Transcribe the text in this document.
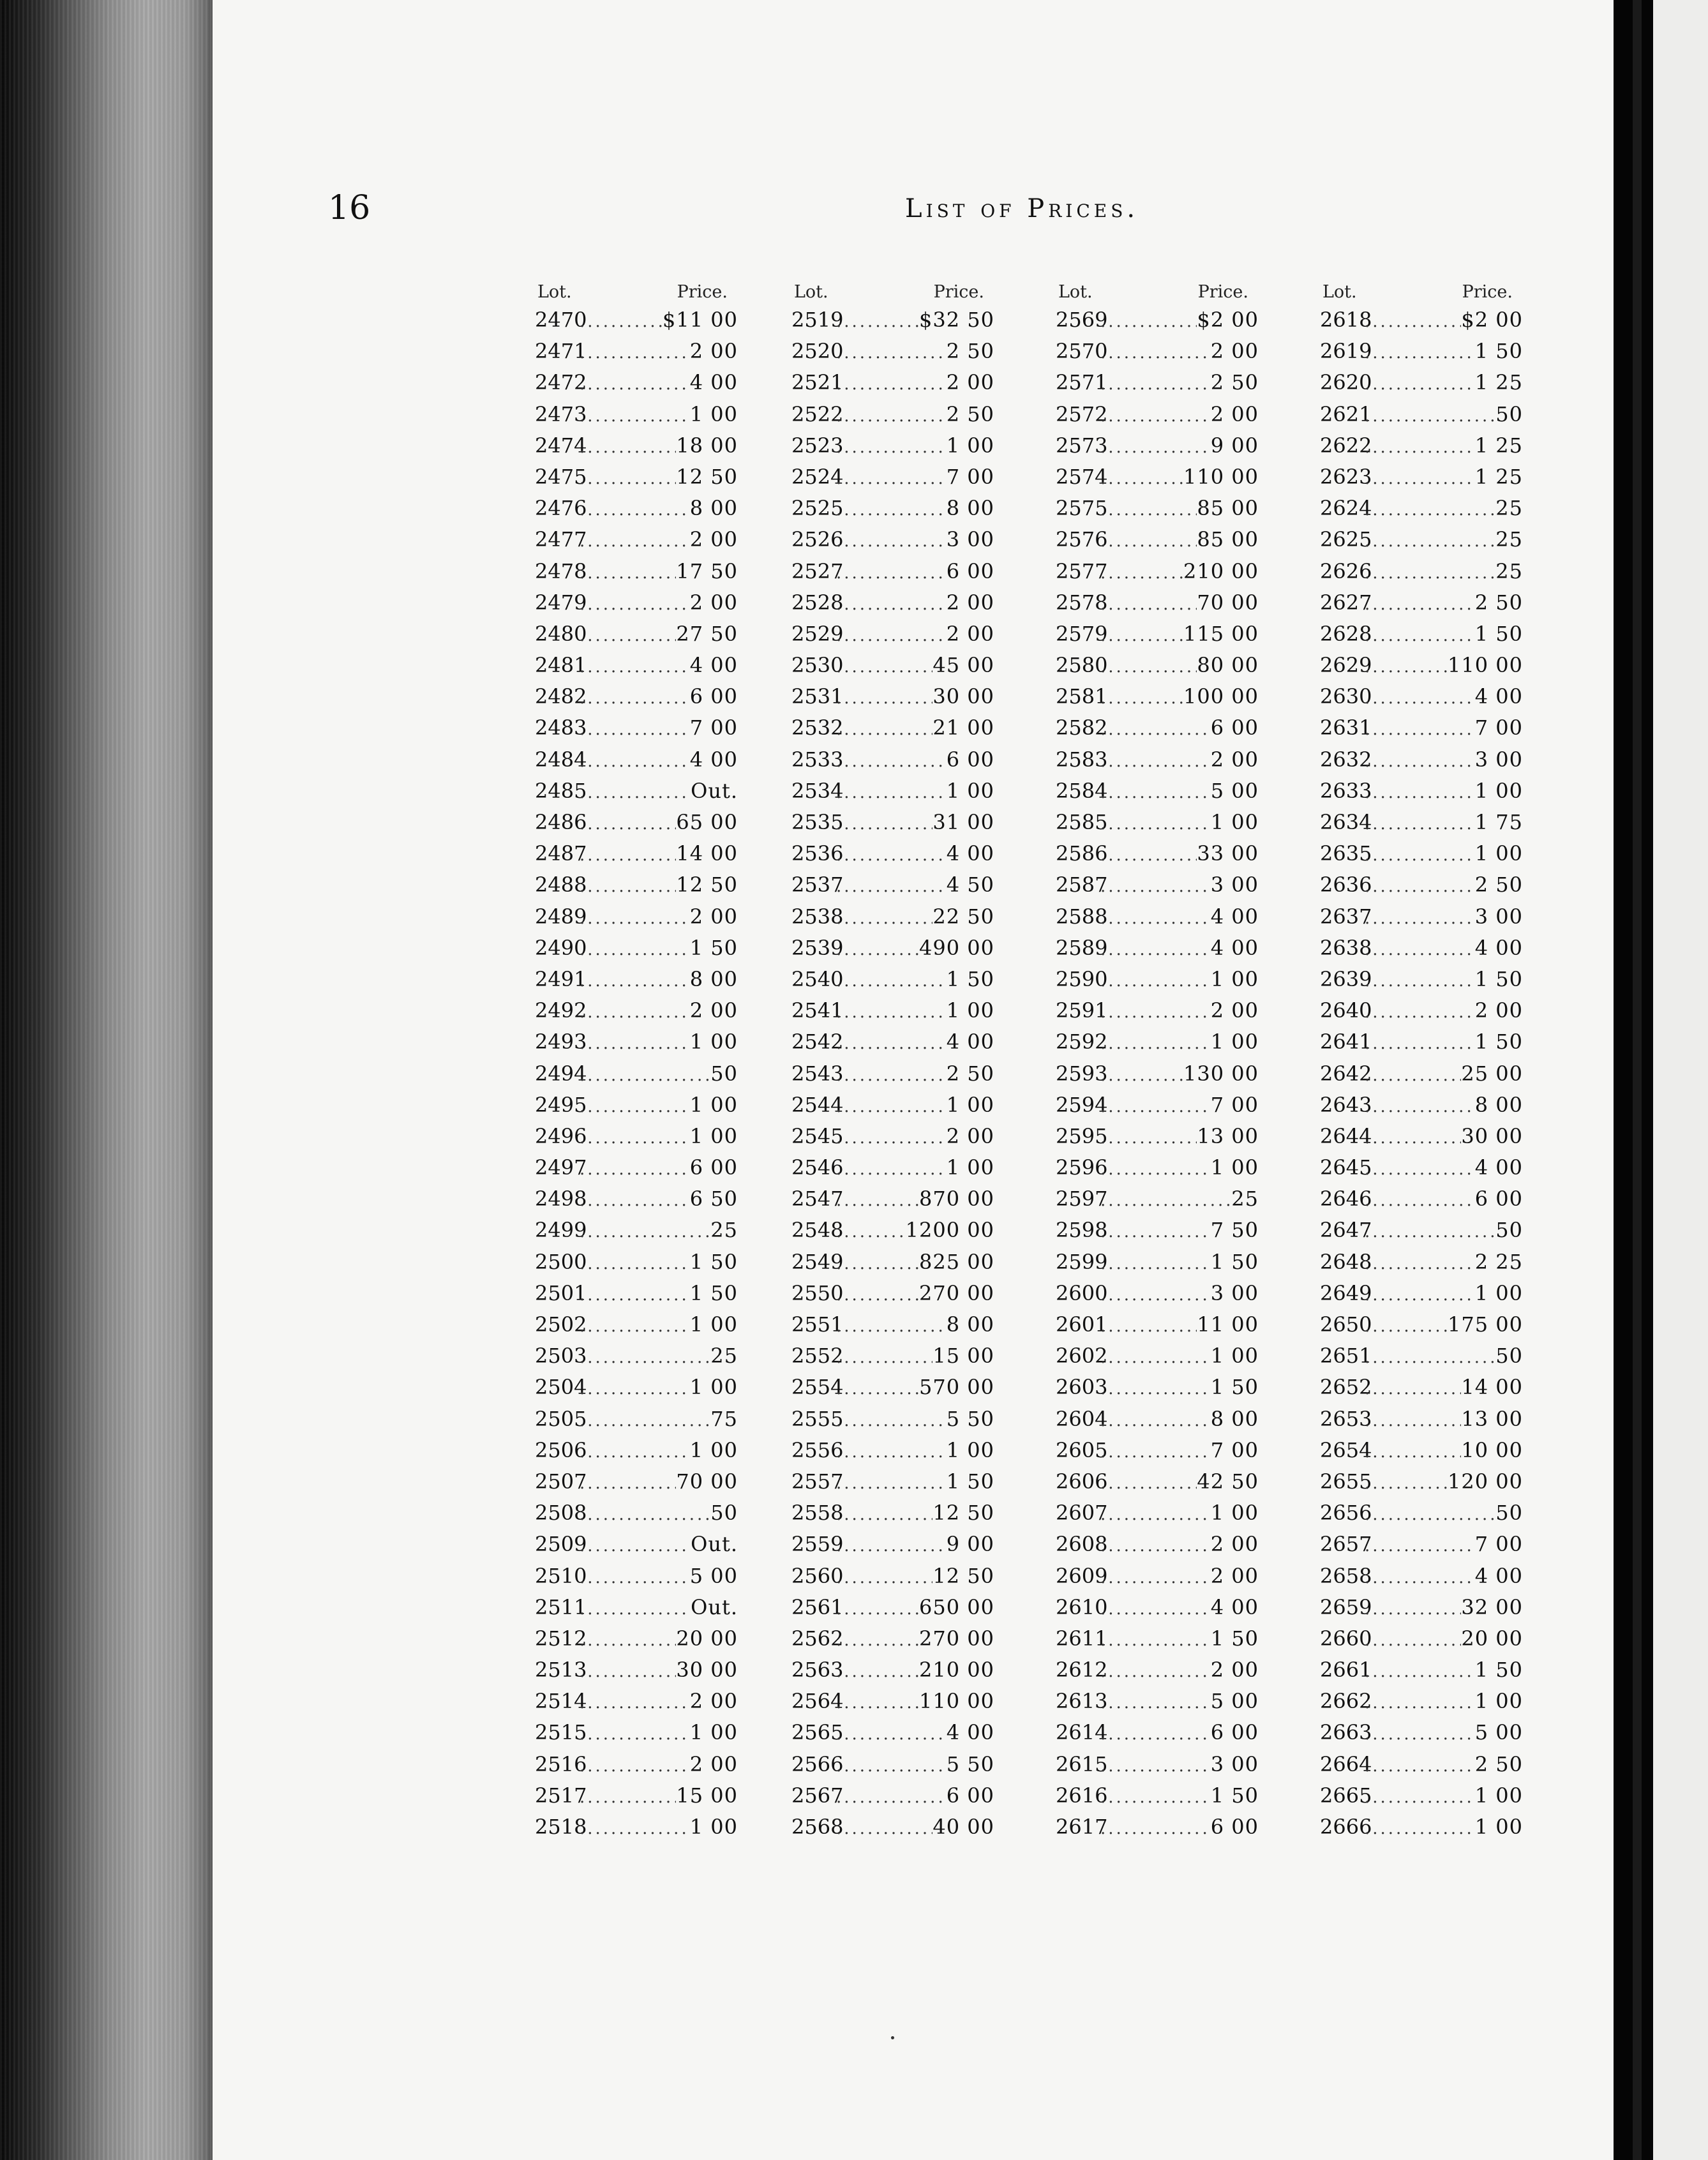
16	List of Prices.
Lot.	Price.
2470 .....	$11 00
2471 .....	2 00
2472 .....	4 00
2473 .....	1 00
2474 .....	18 00
2475 .....	12 50
2476 .....	8 00
2477 .....	2 00
2478 .....	17 50
2479 .....	2 00
2480 .....	27 50
2481 .....	4 00
2482 .....	6 00
2483 .....	7 00
2484 .....	4 00
2485 .....	Out.
2486 .....	65 00
2487 .....	14 00
2488 .....	12 50
2489 .....	2 00
2490 .....	1 50
2491 .....	8 00
2492 .....	2 00
2493 .....	1 00
2494 .....	50
2495 .....	1 00
2496 .....	1 00
2497 .....	6 00
2498 .....	6 50
2499 .....	25
2500 .....	1 50
2501 .....	1 50
2502 .....	1 00
2503 .....	25
2504 .....	1 00
2505 .....	75
2506 .....	1 00
2507 .....	70 00
2508 .....	50
2509 .....	Out.
2510 .....	5 00
2511 .....	Out.
2512 .....	20 00
2513 .....	30 00
2514 .....	2 00
2515 .....	1 00
2516 .....	2 00
2517 .....	15 00
2518 .....	1 00
Lot.	Price.
2519 .....	$32 50
2520 .....	2 50
2521 .....	2 00
2522 .....	2 50
2523 .....	1 00
2524 .....	7 00
2525 .....	8 00
2526 .....	3 00
2527 .....	6 00
2528 .....	2 00
2529 .....	2 00
2530 .....	45 00
2531 .....	30 00
2532 .....	21 00
2533 .....	6 00
2534 .....	1 00
2535 .....	31 00
2536 .....	4 00
2537 .....	4 50
2538 .....	22 50
2539 .....	490 00
2540 .....	1 50
2541 .....	1 00
2542 .....	4 00
2543 .....	2 50
2544 .....	1 00
2545 .....	2 00
2546 .....	1 00
2547 .....	870 00
2548 .....	1200 00
2549 .....	825 00
2550 .....	270 00
2551 .....	8 00
2552 .....	15 00
2554 .....	570 00
2555 .....	5 50
2556 .....	1 00
2557 .....	1 50
2558 .....	12 50
2559 .....	9 00
2560 .....	12 50
2561 .....	650 00
2562 .....	270 00
2563 .....	210 00
2564 .....	110 00
2565 .....	4 00
2566 .....	5 50
2567 .....	6 00
2568 .....	40 00
Lot.	Price.
2569 .....	$2 00
2570 .....	2 00
2571 .....	2 50
2572 .....	2 00
2573 .....	9 00
2574 .....	110 00
2575 .....	85 00
2576 .....	85 00
2577 .....	210 00
2578 .....	70 00
2579 .....	115 00
2580 .....	80 00
2581 .....	100 00
2582 .....	6 00
2583 .....	2 00
2584 .....	5 00
2585 .....	1 00
2586 .....	33 00
2587 .....	3 00
2588 .....	4 00
2589 .....	4 00
2590 .....	1 00
2591 .....	2 00
2592 .....	1 00
2593 .....	130 00
2594 .....	7 00
2595 .....	13 00
2596 .....	1 00
2597 .....	25
2598 .....	7 50
2599 .....	1 50
2600 .....	3 00
2601 .....	11 00
2602 .....	1 00
2603 .....	1 50
2604 .....	8 00
2605 .....	7 00
2606 .....	42 50
2607 .....	1 00
2608 .....	2 00
2609 .....	2 00
2610 .....	4 00
2611 .....	1 50
2612 .....	2 00
2613 .....	5 00
2614 .....	6 00
2615 .....	3 00
2616 .....	1 50
2617 .....	6 00
Lot.	Price.
2618 .....	$2 00
2619 .....	1 50
2620 .....	1 25
2621 .....	50
2622 .....	1 25
2623 .....	1 25
2624 .....	25
2625 .....	25
2626 .....	25
2627 .....	2 50
2628 .....	1 50
2629 .....	110 00
2630 .....	4 00
2631 .....	7 00
2632 .....	3 00
2633 .....	1 00
2634 .....	1 75
2635 .....	1 00
2636 .....	2 50
2637 .....	3 00
2638 .....	4 00
2639 .....	1 50
2640 .....	2 00
2641 .....	1 50
2642 .....	25 00
2643 .....	8 00
2644 .....	30 00
2645 .....	4 00
2646 .....	6 00
2647 .....	50
2648 .....	2 25
2649 .....	1 00
2650 .....	175 00
2651 .....	50
2652 .....	14 00
2653 .....	13 00
2654 .....	10 00
2655 .....	120 00
2656 .....	50
2657 .....	7 00
2658 .....	4 00
2659 .....	32 00
2660 .....	20 00
2661 .....	1 50
2662 .....	1 00
2663 .....	5 00
2664 .....	2 50
2665 .....	1 00
2666 .....	1 00
